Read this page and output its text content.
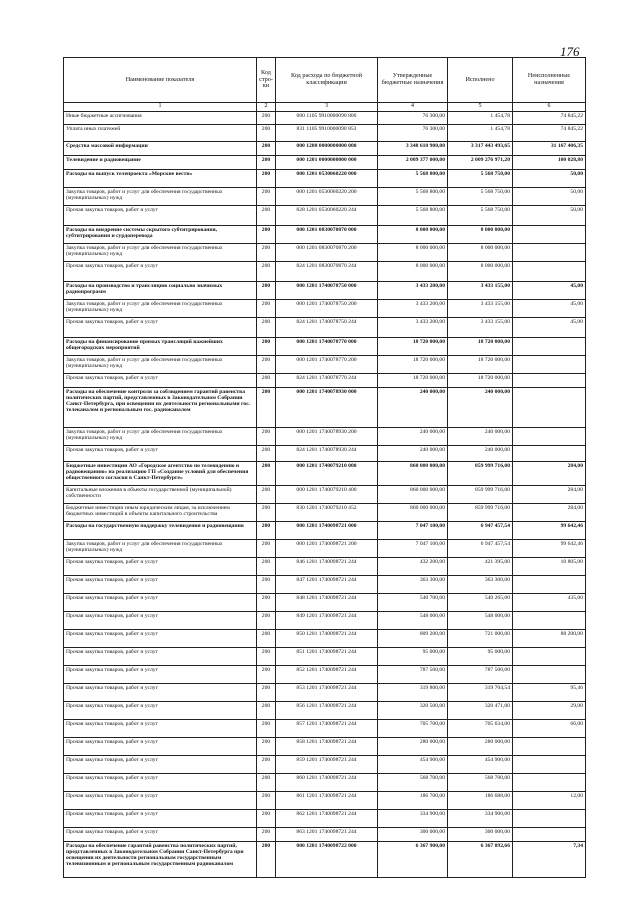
176
Наименование показателя	Код стро-ки	Код расхода по бюджетной классификации	Утвержденные бюджетные назначения	Исполнено	Неисполненные назначения
1	2	3	4	5	6
Иные бюджетные ассигнования	200	000 1105 9910000090 800	76 300,00	1 454,78	74 845,22
Уплата иных платежей	200	831 1105 9910000090 853	76 300,00	1 454,78	74 845,22
Средства массовой информации	200	000 1200 0000000000 000	3 348 610 900,00	3 317 443 493,65	31 167 406,35
Телевидение и радиовещание	200	000 1201 0000000000 000	2 009 377 000,00	2 009 276 971,20	100 028,80
Расходы на выпуск телепроекта «Морские вести»	200	000 1201 0530060220 000	5 568 800,00	5 568 750,00	50,00
Закупка товаров, работ и услуг для обеспечения государственных (муниципальных) нужд	200	000 1201 0530060220 200	5 568 800,00	5 568 750,00	50,00
Прочая закупка товаров, работ и услуг	200	828 1201 0530060220 244	5 568 800,00	5 568 750,00	50,00
Расходы на внедрение системы скрытого субтитрирования, субтитрирования и сурдоперевода	200	000 1201 0830070870 000	8 000 000,00	8 000 000,00	
Закупка товаров, работ и услуг для обеспечения государственных (муниципальных) нужд	200	000 1201 0830070870 200	8 000 000,00	8 000 000,00	
Прочая закупка товаров, работ и услуг	200	824 1201 0830070870 244	8 000 000,00	8 000 000,00	
Расходы на производство и трансляцию социально значимых радиопрограмм	200	000 1201 1740078750 000	3 433 200,00	3 433 155,00	45,00
Закупка товаров, работ и услуг для обеспечения государственных (муниципальных) нужд	200	000 1201 1740078750 200	3 433 200,00	3 433 155,00	45,00
Прочая закупка товаров, работ и услуг	200	824 1201 1740078750 244	3 433 200,00	3 433 155,00	45,00
Расходы на финансирование прямых трансляций важнейших общегородских мероприятий	200	000 1201 1740078770 000	18 720 000,00	18 720 000,00	
Закупка товаров, работ и услуг для обеспечения государственных (муниципальных) нужд	200	000 1201 1740078770 200	18 720 000,00	18 720 000,00	
Прочая закупка товаров, работ и услуг	200	824 1201 1740078770 244	18 720 000,00	18 720 000,00	
Расходы на обеспечение контроля за соблюдением гарантий равенства политических партий, представленных в Законодательном Собрании Санкт-Петербурга, при освещении их деятельности региональными гос. телеканалом и региональным гос. радиоканалом	200	000 1201 1740078930 000	240 000,00	240 000,00	
Закупка товаров, работ и услуг для обеспечения государственных (муниципальных) нужд	200	000 1201 1740078930 200	240 000,00	240 000,00	
Прочая закупка товаров, работ и услуг	200	824 1201 1740078930 244	240 000,00	240 000,00	
Бюджетные инвестиции АО «Городское агентство по телевидению и радиовещанию» на реализацию ГП «Создание условий для обеспечения общественного согласия в Санкт-Петербурге»	200	000 1201 1740079210 000	860 000 000,00	859 999 716,00	284,00
Капитальные вложения в объекты государственной (муниципальной) собственности	200	000 1201 1740079210 400	860 000 000,00	859 999 716,00	284,00
Бюджетные инвестиции иным юридическим лицам, за исключением бюджетных инвестиций в объекты капитального строительства	200	830 1201 1740079210 452	860 000 000,00	859 999 716,00	284,00
Расходы на государственную поддержку телевидения и радиовещания	200	000 1201 1740098721 000	7 047 100,00	6 947 457,54	99 642,46
Закупка товаров, работ и услуг для обеспечения государственных (муниципальных) нужд	200	000 1201 1740098721 200	7 047 100,00	6 947 457,54	99 642,46
Прочая закупка товаров, работ и услуг	200	846 1201 1740098721 244	432 200,00	421 395,00	10 805,00
Прочая закупка товаров, работ и услуг	200	847 1201 1740098721 244	363 300,00	363 300,00	
Прочая закупка товаров, работ и услуг	200	848 1201 1740098721 244	540 700,00	540 265,00	435,00
Прочая закупка товаров, работ и услуг	200	849 1201 1740098721 244	548 000,00	548 000,00	
Прочая закупка товаров, работ и услуг	200	850 1201 1740098721 244	809 200,00	721 000,00	88 200,00
Прочая закупка товаров, работ и услуг	200	851 1201 1740098721 244	95 000,00	95 000,00	
Прочая закупка товаров, работ и услуг	200	852 1201 1740098721 244	787 500,00	787 500,00	
Прочая закупка товаров, работ и услуг	200	853 1201 1740098721 244	319 800,00	319 704,54	95,46
Прочая закупка товаров, работ и услуг	200	856 1201 1740098721 244	320 500,00	320 471,00	29,00
Прочая закупка товаров, работ и услуг	200	857 1201 1740098721 244	705 700,00	705 634,00	66,00
Прочая закупка товаров, работ и услуг	200	858 1201 1740098721 244	280 000,00	280 000,00	
Прочая закупка товаров, работ и услуг	200	859 1201 1740098721 244	454 900,00	454 900,00	
Прочая закупка товаров, работ и услуг	200	860 1201 1740098721 244	568 700,00	568 700,00	
Прочая закупка товаров, работ и услуг	200	861 1201 1740098721 244	186 700,00	186 688,00	12,00
Прочая закупка товаров, работ и услуг	200	862 1201 1740098721 244	334 900,00	334 900,00	
Прочая закупка товаров, работ и услуг	200	863 1201 1740098721 244	300 000,00	300 000,00	
Расходы на обеспечение гарантий равенства политических партий, представленных в Законодательном Собрании Санкт-Петербурга при освещении их деятельности региональным государственным телевизионным и региональным государственным радиоканалом	200	000 1201 1740098722 000	6 367 900,00	6 367 892,66	7,34
